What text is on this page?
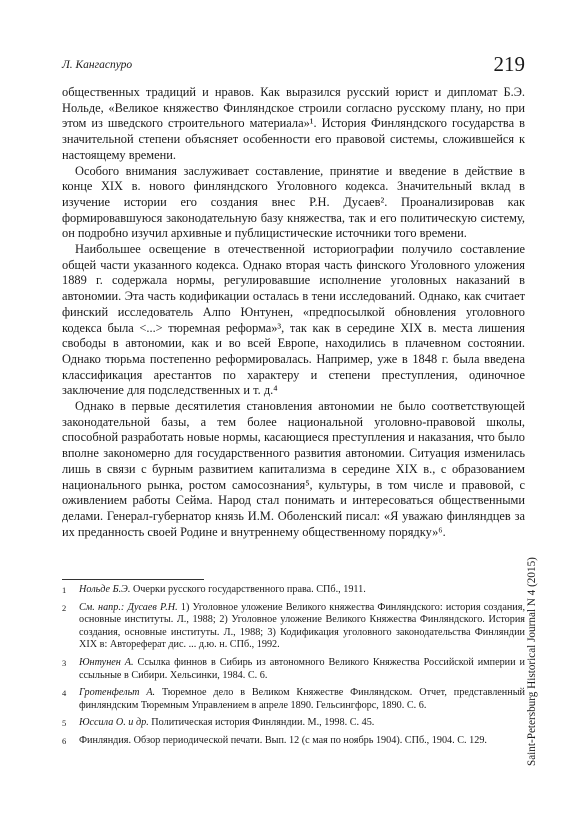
Л. Кангаспуро	219

общественных традиций и нравов. Как выразился русский юрист и дипломат Б.Э. Нольде, «Великое княжество Финляндское строили согласно русскому плану, но при этом из шведского строительного материала»¹. История Финляндского государства в значительной степени объясняет особенности его правовой системы, сложившейся к настоящему времени.

Особого внимания заслуживает составление, принятие и введение в действие в конце XIX в. нового финляндского Уголовного кодекса. Значительный вклад в изучение истории его создания внес Р.Н. Дусаев². Проанализировав как формировавшуюся законодательную базу княжества, так и его политическую систему, он подробно изучил архивные и публицистические источники того времени.

Наибольшее освещение в отечественной историографии получило составление общей части указанного кодекса. Однако вторая часть финского Уголовного уложения 1889 г. содержала нормы, регулировавшие исполнение уголовных наказаний в автономии. Эта часть кодификации осталась в тени исследований. Однако, как считает финский исследователь Алпо Юнтунен, «предпосылкой обновления уголовного кодекса была <...> тюремная реформа»³, так как в середине XIX в. места лишения свободы в автономии, как и во всей Европе, находились в плачевном состоянии. Однако тюрьма постепенно реформировалась. Например, уже в 1848 г. была введена классификация арестантов по характеру и степени преступления, одиночное заключение для подследственных и т. д.⁴

Однако в первые десятилетия становления автономии не было соответствующей законодательной базы, а тем более национальной уголовно-правовой школы, способной разработать новые нормы, касающиеся преступления и наказания, что было вполне закономерно для государственного развития автономии. Ситуация изменилась лишь в связи с бурным развитием капитализма в середине XIX в., с образованием национального рынка, ростом самосознания⁵, культуры, в том числе и правовой, с оживлением работы Сейма. Народ стал понимать и интересоваться общественными делами. Генерал-губернатор князь И.М. Оболенский писал: «Я уважаю финляндцев за их преданность своей Родине и внутреннему общественному порядку»⁶.

1 Нольде Б.Э. Очерки русского государственного права. СПб., 1911.
2 См. напр.: Дусаев Р.Н. 1) Уголовное уложение Великого княжества Финляндского: история создания, основные институты. Л., 1988; 2) Уголовное уложение Великого Княжества Финляндского. История создания, основные институты. Л., 1988; 3) Кодификация уголовного законодательства Финляндии XIX в: Автореферат дис. ... д.ю. н. СПб., 1992.
3 Юнтунен А. Ссылка финнов в Сибирь из автономного Великого Княжества Российской империи и ссыльные в Сибири. Хельсинки, 1984. С. 6.
4 Гротенфельт А. Тюремное дело в Великом Княжестве Финляндском. Отчет, представленный финляндским Тюремным Управлением в апреле 1890. Гельсингфорс, 1890. С. 6.
5 Юссила О. и др. Политическая история Финляндии. М., 1998. С. 45.
6 Финляндия. Обзор периодической печати. Вып. 12 (с мая по ноябрь 1904). СПб., 1904. С. 129.	Saint-Petersburg Historical Journal N 4 (2015)
